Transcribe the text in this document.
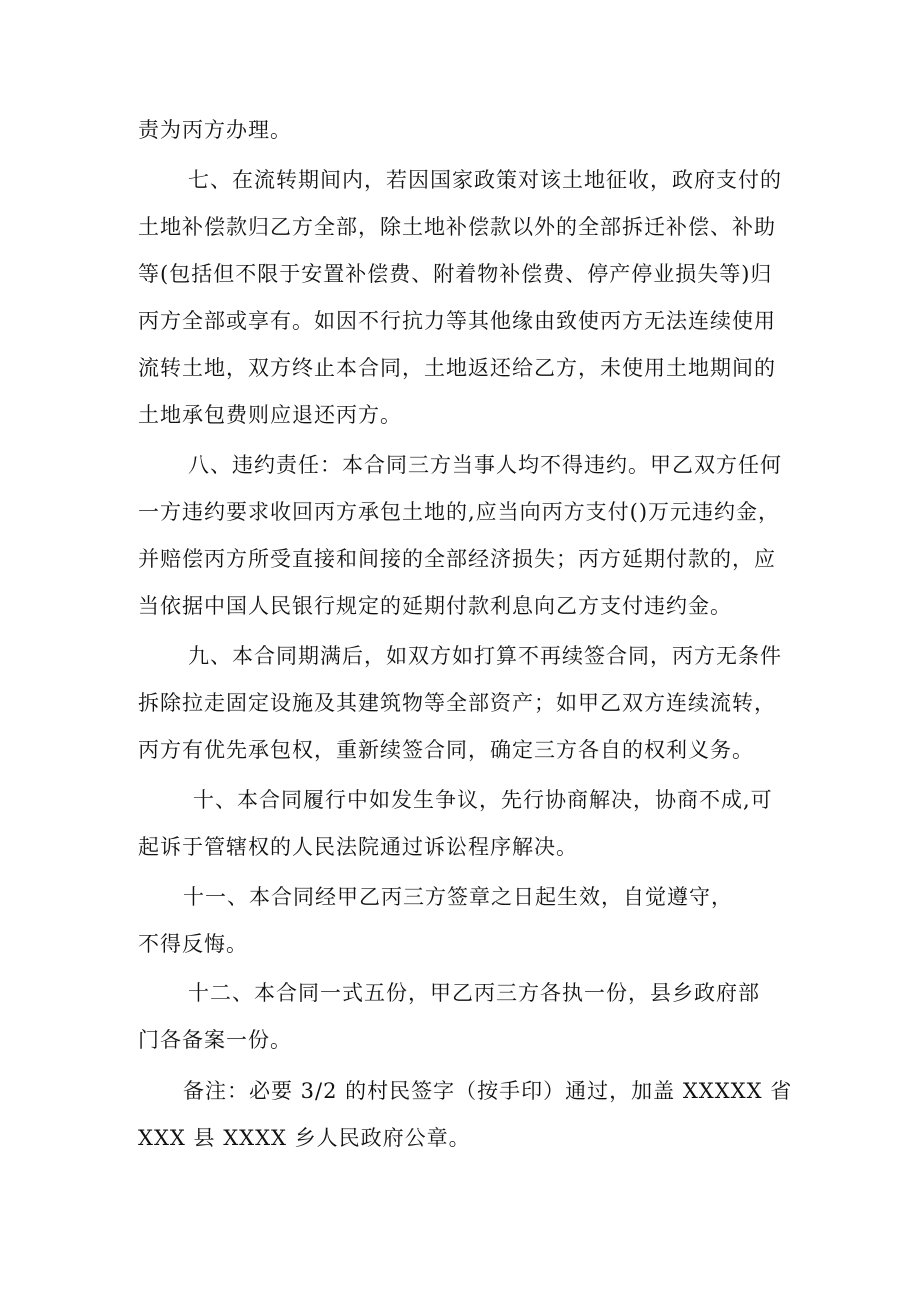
责为丙方办理。

七、在流转期间内，若因国家政策对该土地征收，政府支付的

土地补偿款归乙方全部，除土地补偿款以外的全部拆迁补偿、补助

等(包括但不限于安置补偿费、附着物补偿费、停产停业损失等)归

丙方全部或享有。如因不行抗力等其他缘由致使丙方无法连续使用

流转土地，双方终止本合同，土地返还给乙方，未使用土地期间的

土地承包费则应退还丙方。

八、违约责任：本合同三方当事人均不得违约。甲乙双方任何

一方违约要求收回丙方承包土地的,应当向丙方支付()万元违约金，

并赔偿丙方所受直接和间接的全部经济损失；丙方延期付款的，应

当依据中国人民银行规定的延期付款利息向乙方支付违约金。

九、本合同期满后，如双方如打算不再续签合同，丙方无条件

拆除拉走固定设施及其建筑物等全部资产；如甲乙双方连续流转，

丙方有优先承包权，重新续签合同，确定三方各自的权利义务。

十、本合同履行中如发生争议，先行协商解决，协商不成,可

起诉于管辖权的人民法院通过诉讼程序解决。

十一、本合同经甲乙丙三方签章之日起生效，自觉遵守，

不得反悔。

十二、本合同一式五份，甲乙丙三方各执一份，县乡政府部

门各备案一份。

备注：必要 3/2 的村民签字（按手印）通过，加盖 XXXXX 省

XXX 县 XXXX 乡人民政府公章。
